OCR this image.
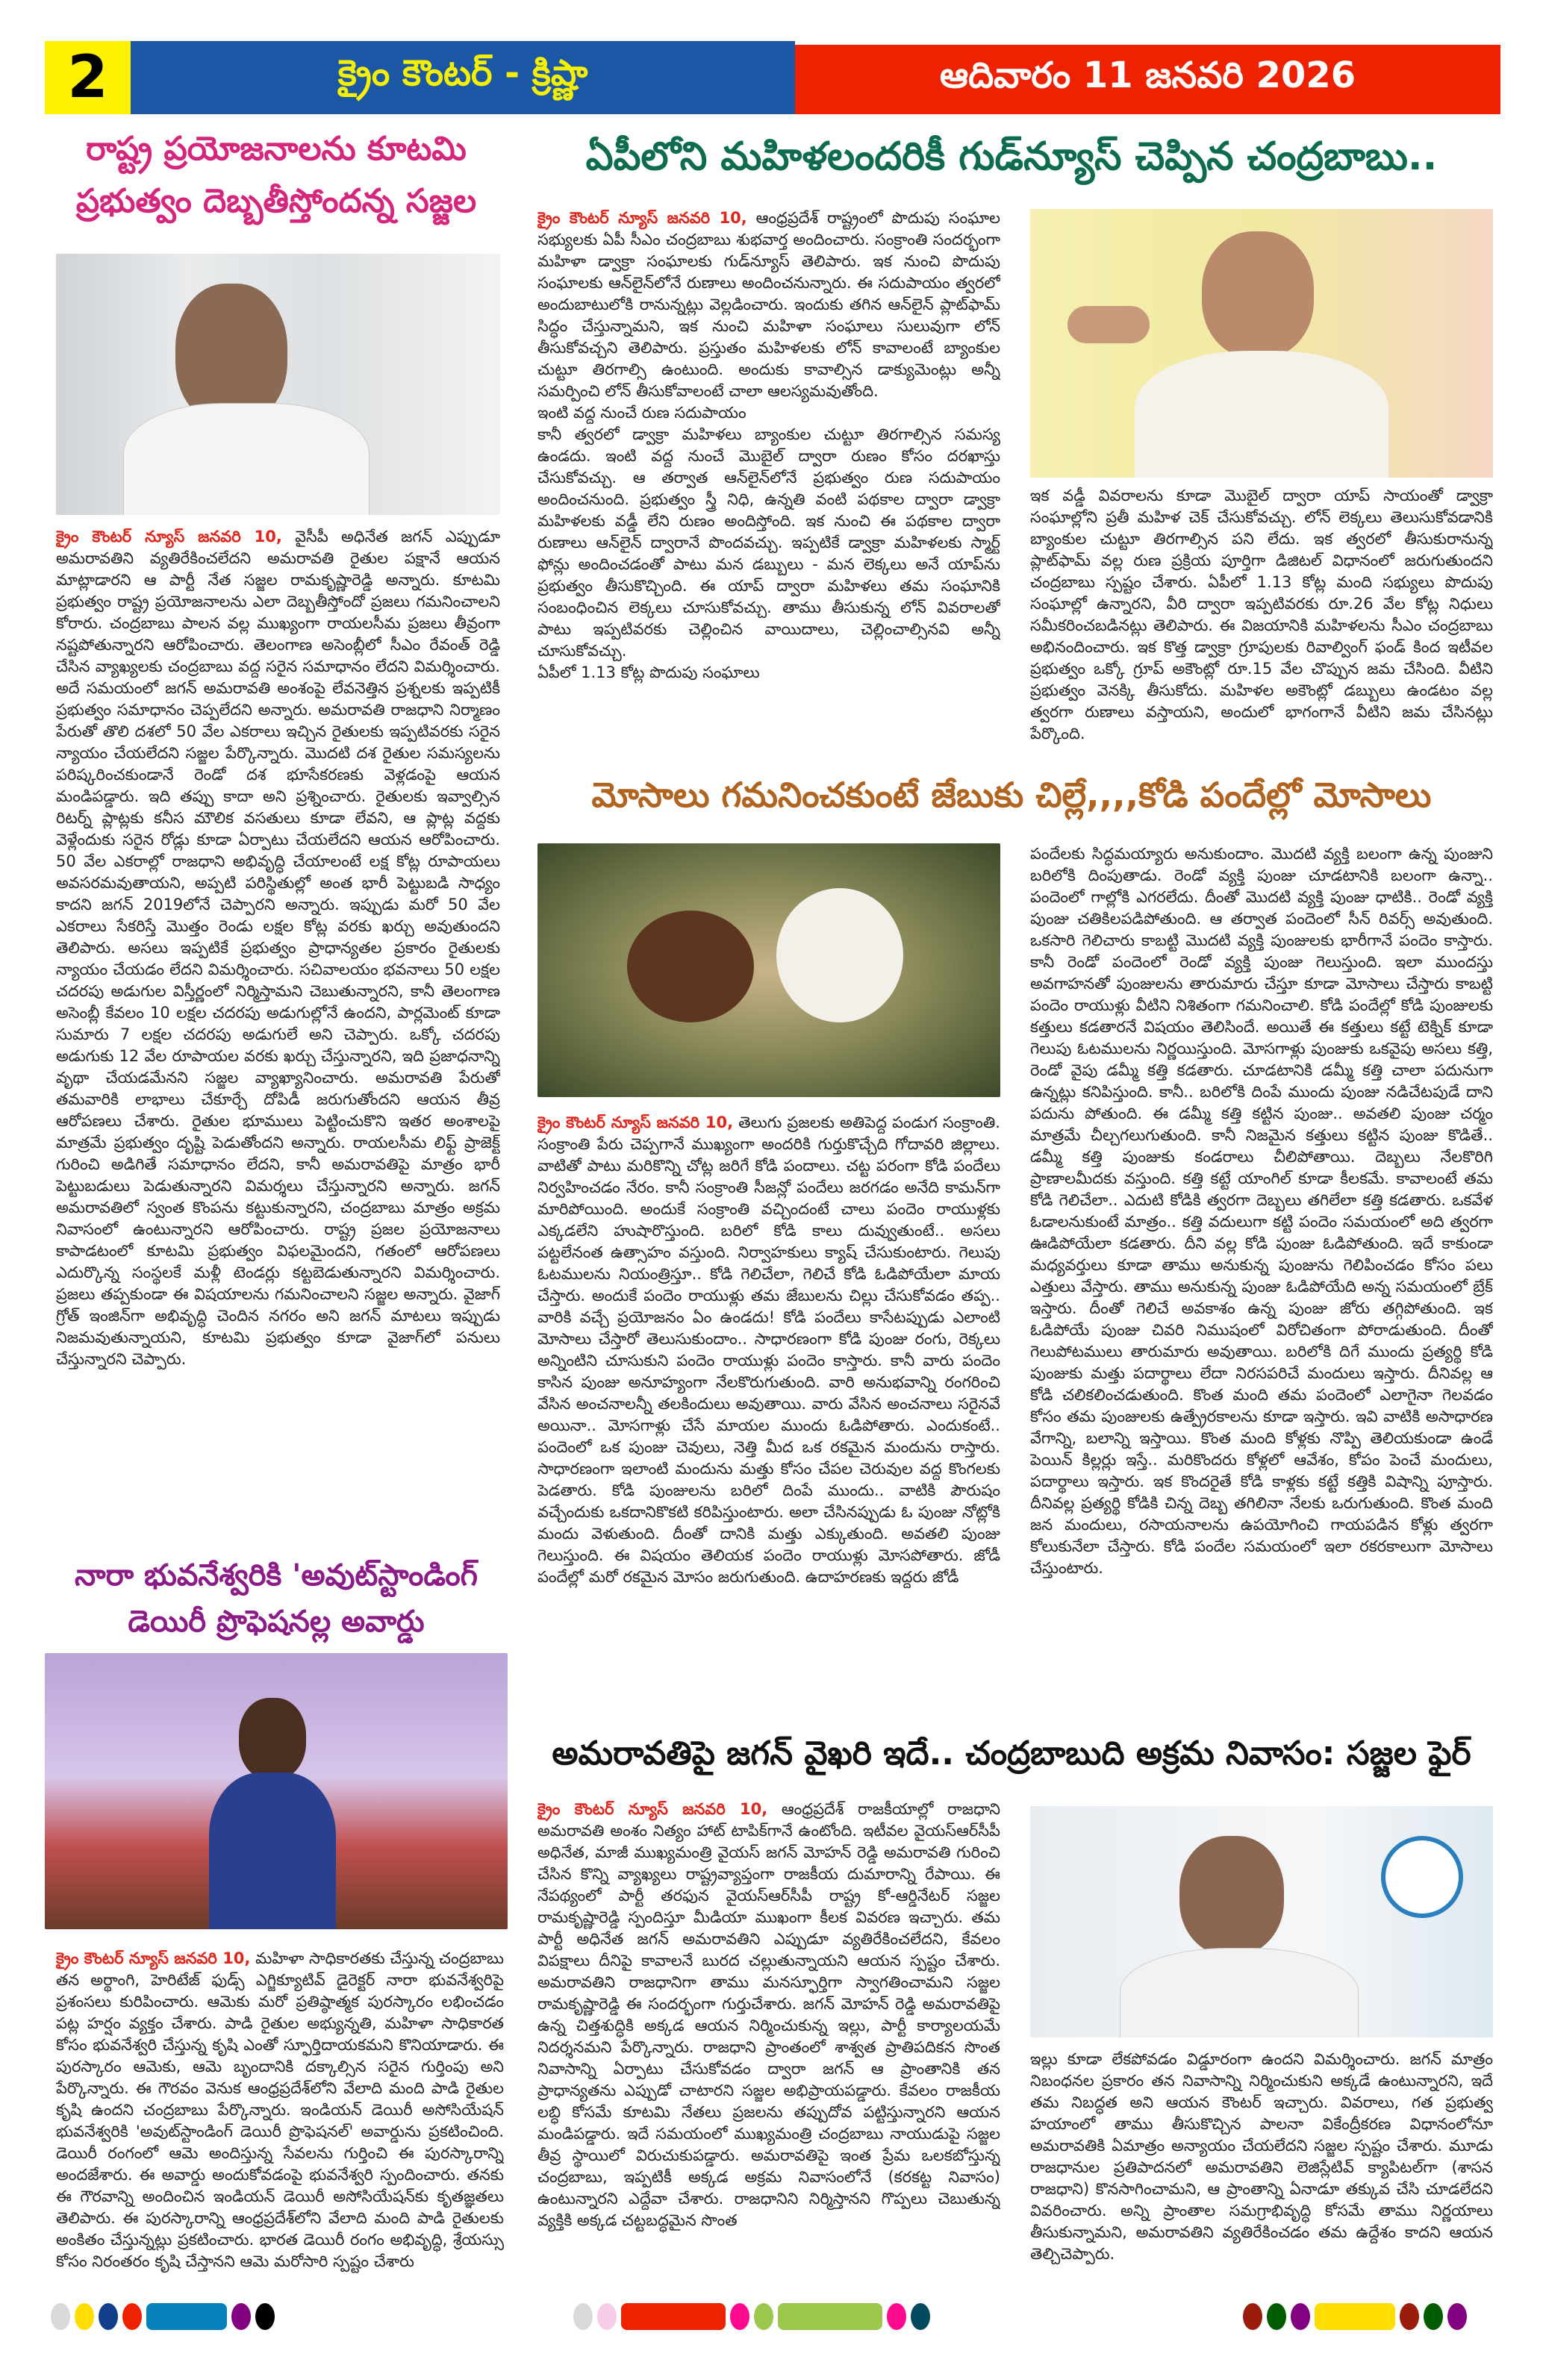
2	క్రైం కౌంటర్ - క్రిష్ణా	ఆదివారం 11 జనవరి 2026
రాష్ట్ర ప్రయోజనాలను కూటమి
ప్రభుత్వం దెబ్బతీస్తోందన్న సజ్జల
క్రైం కౌంటర్ న్యూస్ జనవరి 10, వైసీపీ అధినేత జగన్ ఎప్పుడూ అమరావతిని వ్యతిరేకించలేదని అమరావతి రైతుల పక్షానే ఆయన మాట్లాడారని ఆ పార్టీ నేత సజ్జల రామకృష్ణారెడ్డి అన్నారు. కూటమి ప్రభుత్వం రాష్ట్ర ప్రయోజనాలను ఎలా దెబ్బతీస్తోందో ప్రజలు గమనించాలని కోరారు. చంద్రబాబు పాలన వల్ల ముఖ్యంగా రాయలసీమ ప్రజలు తీవ్రంగా నష్టపోతున్నారని ఆరోపించారు. తెలంగాణ అసెంబ్లీలో సీఎం రేవంత్ రెడ్డి చేసిన వ్యాఖ్యలకు చంద్రబాబు వద్ద సరైన సమాధానం లేదని విమర్శించారు. అదే సమయంలో జగన్ అమరావతి అంశంపై లేవనెత్తిన ప్రశ్నలకు ఇప్పటికీ ప్రభుత్వం సమాధానం చెప్పలేదని అన్నారు. అమరావతి రాజధాని నిర్మాణం పేరుతో తొలి దశలో 50 వేల ఎకరాలు ఇచ్చిన రైతులకు ఇప్పటివరకు సరైన న్యాయం చేయలేదని సజ్జల పేర్కొన్నారు. మొదటి దశ రైతుల సమస్యలను పరిష్కరించకుండానే రెండో దశ భూసేకరణకు వెళ్లడంపై ఆయన మండిపడ్డారు. ఇది తప్పు కాదా అని ప్రశ్నించారు. రైతులకు ఇవ్వాల్సిన రిటర్న్ ప్లాట్లకు కనీస మౌలిక వసతులు కూడా లేవని, ఆ ప్లాట్ల వద్దకు వెళ్లేందుకు సరైన రోడ్లు కూడా ఏర్పాటు చేయలేదని ఆయన ఆరోపించారు. 50 వేల ఎకరాల్లో రాజధాని అభివృద్ధి చేయాలంటే లక్ష కోట్ల రూపాయలు అవసరమవుతాయని, అప్పటి పరిస్థితుల్లో అంత భారీ పెట్టుబడి సాధ్యం కాదని జగన్ 2019లోనే చెప్పారని అన్నారు. ఇప్పుడు మరో 50 వేల ఎకరాలు సేకరిస్తే మొత్తం రెండు లక్షల కోట్ల వరకు ఖర్చు అవుతుందని తెలిపారు. అసలు ఇప్పటికే ప్రభుత్వం ప్రాధాన్యతల ప్రకారం రైతులకు న్యాయం చేయడం లేదని విమర్శించారు. సచివాలయం భవనాలు 50 లక్షల చదరపు అడుగుల విస్తీర్ణంలో నిర్మిస్తామని చెబుతున్నారని, కానీ తెలంగాణ అసెంబ్లీ కేవలం 10 లక్షల చదరపు అడుగుల్లోనే ఉందని, పార్లమెంట్ కూడా సుమారు 7 లక్షల చదరపు అడుగులే అని చెప్పారు. ఒక్కో చదరపు అడుగుకు 12 వేల రూపాయల వరకు ఖర్చు చేస్తున్నారని, ఇది ప్రజాధనాన్ని వృథా చేయడమేనని సజ్జల వ్యాఖ్యానించారు. అమరావతి పేరుతో తమవారికి లాభాలు చేకూర్చే దోపిడీ జరుగుతోందని ఆయన తీవ్ర ఆరోపణలు చేశారు. రైతుల భూములు పెట్టించుకొని ఇతర అంశాలపై మాత్రమే ప్రభుత్వం దృష్టి పెడుతోందని అన్నారు. రాయలసీమ లిఫ్ట్ ప్రాజెక్ట్ గురించి అడిగితే సమాధానం లేదని, కానీ అమరావతిపై మాత్రం భారీ పెట్టుబడులు పెడుతున్నారని విమర్శలు చేస్తున్నారని అన్నారు. జగన్ అమరావతిలో స్వంత కొంపను కట్టుకున్నారని, చంద్రబాబు మాత్రం అక్రమ నివాసంలో ఉంటున్నారని ఆరోపించారు. రాష్ట్ర ప్రజల ప్రయోజనాలు కాపాడటంలో కూటమి ప్రభుత్వం విఫలమైందని, గతంలో ఆరోపణలు ఎదుర్కొన్న సంస్థలకే మళ్లీ టెండర్లు కట్టబెడుతున్నారని విమర్శించారు. ప్రజలు తప్పకుండా ఈ విషయాలను గమనించాలని సజ్జల అన్నారు. వైజాగ్ గ్రోత్ ఇంజిన్‌గా అభివృద్ధి చెందిన నగరం అని జగన్ మాటలు ఇప్పుడు నిజమవుతున్నాయని, కూటమి ప్రభుత్వం కూడా వైజాగ్‌లో పనులు చేస్తున్నారని చెప్పారు.
నారా భువనేశ్వరికి 'అవుట్‌స్టాండింగ్
డెయిరీ ప్రొఫెషనల్ల అవార్డు
క్రైం కౌంటర్ న్యూస్ జనవరి 10, మహిళా సాధికారతకు చేస్తున్న చంద్రబాబు తన అర్థాంగి, హెరిటేజ్ ఫుడ్స్ ఎగ్జిక్యూటివ్ డైరెక్టర్ నారా భువనేశ్వరిపై ప్రశంసలు కురిపించారు. ఆమెకు మరో ప్రతిష్ఠాత్మక పురస్కారం లభించడం పట్ల హర్షం వ్యక్తం చేశారు. పాడి రైతుల అభ్యున్నతి, మహిళా సాధికారత కోసం భువనేశ్వరి చేస్తున్న కృషి ఎంతో స్ఫూర్తిదాయకమని కొనియాడారు. ఈ పురస్కారం ఆమెకు, ఆమె బృందానికి దక్కాల్సిన సరైన గుర్తింపు అని పేర్కొన్నారు. ఈ గౌరవం వెనుక ఆంధ్రప్రదేశ్‌లోని వేలాది మంది పాడి రైతుల కృషి ఉందని చంద్రబాబు పేర్కొన్నారు. ఇండియన్ డెయిరీ అసోసియేషన్ భువనేశ్వరికి 'అవుట్‌స్టాండింగ్ డెయిరీ ప్రొఫెషనల్' అవార్డును ప్రకటించింది. డెయిరీ రంగంలో ఆమె అందిస్తున్న సేవలను గుర్తించి ఈ పురస్కారాన్ని అందజేశారు. ఈ అవార్డు అందుకోవడంపై భువనేశ్వరి స్పందించారు. తనకు ఈ గౌరవాన్ని అందించిన ఇండియన్ డెయిరీ అసోసియేషన్‌కు కృతజ్ఞతలు తెలిపారు. ఈ పురస్కారాన్ని ఆంధ్రప్రదేశ్‌లోని వేలాది మంది పాడి రైతులకు అంకితం చేస్తున్నట్లు ప్రకటించారు. భారత డెయిరీ రంగం అభివృద్ధి, శ్రేయస్సు కోసం నిరంతరం కృషి చేస్తానని ఆమె మరోసారి స్పష్టం చేశారు
ఏపీలోని మహిళలందరికీ గుడ్‌న్యూస్ చెప్పిన చంద్రబాబు..
క్రైం కౌంటర్ న్యూస్ జనవరి 10, ఆంధ్రప్రదేశ్ రాష్ట్రంలో పొదుపు సంఘాల సభ్యులకు ఏపీ సీఎం చంద్రబాబు శుభవార్త అందించారు. సంక్రాంతి సందర్భంగా మహిళా డ్వాక్రా సంఘాలకు గుడ్‌న్యూస్ తెలిపారు. ఇక నుంచి పొదుపు సంఘాలకు ఆన్‌లైన్‌లోనే రుణాలు అందించనున్నారు. ఈ సదుపాయం త్వరలో అందుబాటులోకి రానున్నట్లు వెల్లడించారు. ఇందుకు తగిన ఆన్‌లైన్ ప్లాట్‌ఫామ్ సిద్ధం చేస్తున్నామని, ఇక నుంచి మహిళా సంఘాలు సులువుగా లోన్ తీసుకోవచ్చని తెలిపారు. ప్రస్తుతం మహిళలకు లోన్ కావాలంటే బ్యాంకుల చుట్టూ తిరగాల్సి ఉంటుంది. అందుకు కావాల్సిన డాక్యుమెంట్లు అన్నీ సమర్పించి లోన్ తీసుకోవాలంటే చాలా ఆలస్యమవుతోంది.
ఇంటి వద్ద నుంచే రుణ సదుపాయం
కానీ త్వరలో డ్వాక్రా మహిళలు బ్యాంకుల చుట్టూ తిరగాల్సిన సమస్య ఉండదు. ఇంటి వద్ద నుంచే మొబైల్ ద్వారా రుణం కోసం దరఖాస్తు చేసుకోవచ్చు. ఆ తర్వాత ఆన్‌లైన్‌లోనే ప్రభుత్వం రుణ సదుపాయం అందించనుంది. ప్రభుత్వం స్త్రీ నిధి, ఉన్నతి వంటి పథకాల ద్వారా డ్వాక్రా మహిళలకు వడ్డీ లేని రుణం అందిస్తోంది. ఇక నుంచి ఈ పథకాల ద్వారా రుణాలు ఆన్‌లైన్ ద్వారానే పొందవచ్చు. ఇప్పటికే డ్వాక్రా మహిళలకు స్మార్ట్ ఫోన్లు అందించడంతో పాటు మన డబ్బులు - మన లెక్కలు అనే యాప్‌ను ప్రభుత్వం తీసుకొచ్చింది. ఈ యాప్ ద్వారా మహిళలు తమ సంఘానికి సంబంధించిన లెక్కలు చూసుకోవచ్చు. తాము తీసుకున్న లోన్ వివరాలతో పాటు ఇప్పటివరకు చెల్లించిన వాయిదాలు, చెల్లించాల్సినవి అన్నీ చూసుకోవచ్చు.
ఏపీలో 1.13 కోట్ల పొదుపు సంఘాలు
ఇక వడ్డీ వివరాలను కూడా మొబైల్ ద్వారా యాప్ సాయంతో డ్వాక్రా సంఘాల్లోని ప్రతీ మహిళ చెక్ చేసుకోవచ్చు. లోన్ లెక్కలు తెలుసుకోవడానికి బ్యాంకుల చుట్టూ తిరగాల్సిన పని లేదు. ఇక త్వరలో తీసుకురానున్న ప్లాట్‌ఫామ్ వల్ల రుణ ప్రక్రియ పూర్తిగా డిజిటల్ విధానంలో జరుగుతుందని చంద్రబాబు స్పష్టం చేశారు. ఏపీలో 1.13 కోట్ల మంది సభ్యులు పొదుపు సంఘాల్లో ఉన్నారని, వీరి ద్వారా ఇప్పటివరకు రూ.26 వేల కోట్ల నిధులు సమీకరించబడినట్లు తెలిపారు. ఈ విజయానికి మహిళలను సీఎం చంద్రబాబు అభినందించారు. ఇక కొత్త డ్వాక్రా గ్రూపులకు రివాల్వింగ్ ఫండ్ కింద ఇటీవల ప్రభుత్వం ఒక్కో గ్రూప్ అకౌంట్లో రూ.15 వేల చొప్పున జమ చేసింది. వీటిని ప్రభుత్వం వెనక్కి తీసుకోదు. మహిళల అకౌంట్లో డబ్బులు ఉండటం వల్ల త్వరగా రుణాలు వస్తాయని, అందులో భాగంగానే వీటిని జమ చేసినట్లు పేర్కొంది.
మోసాలు గమనించకుంటే జేబుకు చిల్లే,,,,కోడి పందేల్లో మోసాలు
క్రైం కౌంటర్ న్యూస్ జనవరి 10, తెలుగు ప్రజలకు అతిపెద్ద పండుగ సంక్రాంతి. సంక్రాంతి పేరు చెప్పగానే ముఖ్యంగా అందరికి గుర్తుకొచ్చేది గోదావరి జిల్లాలు. వాటితో పాటు మరికొన్ని చోట్ల జరిగే కోడి పందాలు. చట్ట పరంగా కోడి పందేలు నిర్వహించడం నేరం. కానీ సంక్రాంతి సీజన్లో పందేలు జరగడం అనేది కామన్‌గా మారిపోయింది. అందుకే సంక్రాంతి వచ్చిందంటే చాలు పందెం రాయుళ్లకు ఎక్కడలేని హుషారొస్తుంది. బరిలో కోడి కాలు దువ్వుతుంటే.. అసలు పట్టలేనంత ఉత్సాహం వస్తుంది. నిర్వాహకులు క్యాష్ చేసుకుంటారు. గెలుపు ఓటములను నియంత్రిస్తూ.. కోడి గెలిచేలా, గెలిచే కోడి ఓడిపోయేలా మాయ చేస్తారు. అందుకే పందెం రాయుళ్లు తమ జేబులను చిల్లు చేసుకోవడం తప్ప.. వారికి వచ్చే ప్రయోజనం ఏం ఉండదు! కోడి పందేలు కాసేటప్పుడు ఎలాంటి మోసాలు చేస్తారో తెలుసుకుందాం.. సాధారణంగా కోడి పుంజు రంగు, రెక్కలు అన్నింటిని చూసుకుని పందెం రాయుళ్లు పందెం కాస్తారు. కానీ వారు పందెం కాసిన పుంజు అనూహ్యంగా నేలకొరుగుతుంది. వారి అనుభవాన్ని రంగరించి వేసిన అంచనాలన్నీ తలకిందులు అవుతాయి. వారు వేసిన అంచనాలు సరైనవే అయినా.. మోసగాళ్లు చేసే మాయల ముందు ఓడిపోతారు. ఎందుకంటే.. పందెంలో ఒక పుంజు చెవులు, నెత్తి మీద ఒక రకమైన మందును రాస్తారు. సాధారణంగా ఇలాంటి మందును మత్తు కోసం చేపల చెరువుల వద్ద కొంగలకు పెడతారు. కోడి పుంజులను బరిలో దింపే ముందు.. వాటికి పౌరుషం వచ్చేందుకు ఒకదానికొకటి కరిపిస్తుంటారు. అలా చేసినప్పుడు ఓ పుంజు నోట్లోకి మందు వెళుతుంది. దీంతో దానికి మత్తు ఎక్కుతుంది. అవతలి పుంజు గెలుస్తుంది. ఈ విషయం తెలియక పందెం రాయుళ్లు మోసపోతారు. జోడీ పందేల్లో మరో రకమైన మోసం జరుగుతుంది. ఉదాహరణకు ఇద్దరు జోడీ
పందేలకు సిద్ధమయ్యారు అనుకుందాం. మొదటి వ్యక్తి బలంగా ఉన్న పుంజుని బరిలోకి దింపుతాడు. రెండో వ్యక్తి పుంజు చూడటానికి బలంగా ఉన్నా.. పందెంలో గాల్లోకి ఎగరలేదు. దీంతో మొదటి వ్యక్తి పుంజు ధాటికి.. రెండో వ్యక్తి పుంజు చతికిలపడిపోతుంది. ఆ తర్వాత పందెంలో సీన్ రివర్స్ అవుతుంది. ఒకసారి గెలిచారు కాబట్టి మొదటి వ్యక్తి పుంజులకు భారీగానే పందెం కాస్తారు. కానీ రెండో పందెంలో రెండో వ్యక్తి పుంజు గెలుస్తుంది. ఇలా ముందస్తు అవగాహనతో పుంజులను తారుమారు చేస్తూ కూడా మోసాలు చేస్తారు కాబట్టి పందెం రాయుళ్లు వీటిని నిశితంగా గమనించాలి. కోడి పందేల్లో కోడి పుంజులకు కత్తులు కడతారనే విషయం తెలిసిందే. అయితే ఈ కత్తులు కట్టే టెక్నిక్ కూడా గెలుపు ఓటములను నిర్ణయిస్తుంది. మోసగాళ్లు పుంజుకు ఒకవైపు అసలు కత్తి, రెండో వైపు డమ్మీ కత్తి కడతారు. చూడటానికి డమ్మీ కత్తి చాలా పదునుగా ఉన్నట్లు కనిపిస్తుంది. కానీ.. బరిలోకి దింపే ముందు పుంజు నడిచేటపుడే దాని పదును పోతుంది. ఈ డమ్మీ కత్తి కట్టిన పుంజు.. అవతలి పుంజు చర్మం మాత్రమే చీల్చగలుగుతుంది. కానీ నిజమైన కత్తులు కట్టిన పుంజు కొడితే.. డమ్మీ కత్తి పుంజుకు కండరాలు చీలిపోతాయి. దెబ్బలు నేలకొరిగి ప్రాణాలమీదకు వస్తుంది. కత్తి కట్టే యాంగిల్ కూడా కీలకమే. కావాలంటే తమ కోడి గెలిచేలా.. ఎదుటి కోడికి త్వరగా దెబ్బలు తగిలేలా కత్తి కడతారు. ఒకవేళ ఓడాలనుకుంటే మాత్రం.. కత్తి వదులుగా కట్టి పందెం సమయంలో అది త్వరగా ఊడిపోయేలా కడతారు. దీని వల్ల కోడి పుంజు ఓడిపోతుంది. ఇదే కాకుండా మధ్యవర్తులు కూడా తాము అనుకున్న పుంజును గెలిపించడం కోసం పలు ఎత్తులు వేస్తారు. తాము అనుకున్న పుంజు ఓడిపోయేది అన్న సమయంలో బ్రేక్ ఇస్తారు. దీంతో గెలిచే అవకాశం ఉన్న పుంజు జోరు తగ్గిపోతుంది. ఇక ఓడిపోయే పుంజు చివరి నిముషంలో విరోచితంగా పోరాడుతుంది. దీంతో గెలుపోటములు తారుమారు అవుతాయి. బరిలోకి దిగే ముందు ప్రత్యర్థి కోడి పుంజుకు మత్తు పదార్థాలు లేదా నిరసపరిచే మందులు ఇస్తారు. దీనివల్ల ఆ కోడి చలికలించడుతుంది. కొంత మంది తమ పందెంలో ఎలాగైనా గెలవడం కోసం తమ పుంజులకు ఉత్ప్రేరకాలను కూడా ఇస్తారు. ఇవి వాటికి అసాధారణ వేగాన్ని, బలాన్ని ఇస్తాయి. కొంత మంది కోళ్లకు నొప్పి తెలియకుండా ఉండే పెయిన్ కిల్లర్లు ఇస్తే.. మరికొందరు కోళ్లలో ఆవేశం, కోపం పెంచే మందులు, పదార్థాలు ఇస్తారు. ఇక కొందరైతే కోడి కాళ్లకు కట్టే కత్తికి విషాన్ని పూస్తారు. దీనివల్ల ప్రత్యర్థి కోడికి చిన్న దెబ్బ తగిలినా నేలకు ఒరుగుతుంది. కొంత మంది జన మందులు, రసాయనాలను ఉపయోగించి గాయపడిన కోళ్లు త్వరగా కోలుకునేలా చేస్తారు. కోడి పందేల సమయంలో ఇలా రకరకాలుగా మోసాలు చేస్తుంటారు.
అమరావతిపై జగన్ వైఖరి ఇదే.. చంద్రబాబుది అక్రమ నివాసం: సజ్జల ఫైర్
క్రైం కౌంటర్ న్యూస్ జనవరి 10, ఆంధ్రప్రదేశ్ రాజకీయాల్లో రాజధాని అమరావతి అంశం నిత్యం హాట్ టాపిక్‌గానే ఉంటోంది. ఇటీవల వైయస్‌ఆర్‌సీపీ అధినేత, మాజీ ముఖ్యమంత్రి వైయస్ జగన్ మోహన్ రెడ్డి అమరావతి గురించి చేసిన కొన్ని వ్యాఖ్యలు రాష్ట్రవ్యాప్తంగా రాజకీయ దుమారాన్ని రేపాయి. ఈ నేపథ్యంలో పార్టీ తరఫున వైయస్‌ఆర్‌సీపీ రాష్ట్ర కో-ఆర్డినేటర్ సజ్జల రామకృష్ణారెడ్డి స్పందిస్తూ మీడియా ముఖంగా కీలక వివరణ ఇచ్చారు. తమ పార్టీ అధినేత జగన్ అమరావతిని ఎప్పుడూ వ్యతిరేకించలేదని, కేవలం విపక్షాలు దీనిపై కావాలనే బురద చల్లుతున్నాయని ఆయన స్పష్టం చేశారు. అమరావతిని రాజధానిగా తాము మనస్ఫూర్తిగా స్వాగతించామని సజ్జల రామకృష్ణారెడ్డి ఈ సందర్భంగా గుర్తుచేశారు. జగన్ మోహన్ రెడ్డి అమరావతిపై ఉన్న చిత్తశుద్ధికి అక్కడ ఆయన నిర్మించుకున్న ఇల్లు, పార్టీ కార్యాలయమే నిదర్శనమని పేర్కొన్నారు. రాజధాని ప్రాంతంలో శాశ్వత ప్రాతిపదికన సొంత నివాసాన్ని ఏర్పాటు చేసుకోవడం ద్వారా జగన్ ఆ ప్రాంతానికి తన ప్రాధాన్యతను ఎప్పుడో చాటారని సజ్జల అభిప్రాయపడ్డారు. కేవలం రాజకీయ లబ్ధి కోసమే కూటమి నేతలు ప్రజలను తప్పుదోవ పట్టిస్తున్నారని ఆయన మండిపడ్డారు. ఇదే సమయంలో ముఖ్యమంత్రి చంద్రబాబు నాయుడుపై సజ్జల తీవ్ర స్థాయిలో విరుచుకుపడ్డారు. అమరావతిపై ఇంత ప్రేమ ఒలకబోస్తున్న చంద్రబాబు, ఇప్పటికీ అక్కడ అక్రమ నివాసంలోనే (కరకట్ట నివాసం) ఉంటున్నారని ఎద్దేవా చేశారు. రాజధానిని నిర్మిస్తానని గొప్పలు చెబుతున్న వ్యక్తికి అక్కడ చట్టబద్ధమైన సొంత
ఇల్లు కూడా లేకపోవడం విడ్డూరంగా ఉందని విమర్శించారు. జగన్ మాత్రం నిబంధనల ప్రకారం తన నివాసాన్ని నిర్మించుకుని అక్కడే ఉంటున్నారని, ఇదే తమ నిబద్ధత అని ఆయన కౌంటర్ ఇచ్చారు. వివరాలు, గత ప్రభుత్వ హయాంలో తాము తీసుకొచ్చిన పాలనా వికేంద్రీకరణ విధానంలోనూ అమరావతికి ఏమాత్రం అన్యాయం చేయలేదని సజ్జల స్పష్టం చేశారు. మూడు రాజధానుల ప్రతిపాదనలో అమరావతిని లెజిస్లేటివ్ క్యాపిటల్‌గా (శాసన రాజధాని) కొనసాగించామని, ఆ ప్రాంతాన్ని ఏనాడూ తక్కువ చేసి చూడలేదని వివరించారు. అన్ని ప్రాంతాల సమగ్రాభివృద్ధి కోసమే తాము నిర్ణయాలు తీసుకున్నామని, అమరావతిని వ్యతిరేకించడం తమ ఉద్దేశం కాదని ఆయన తెల్చిచెప్పారు.
